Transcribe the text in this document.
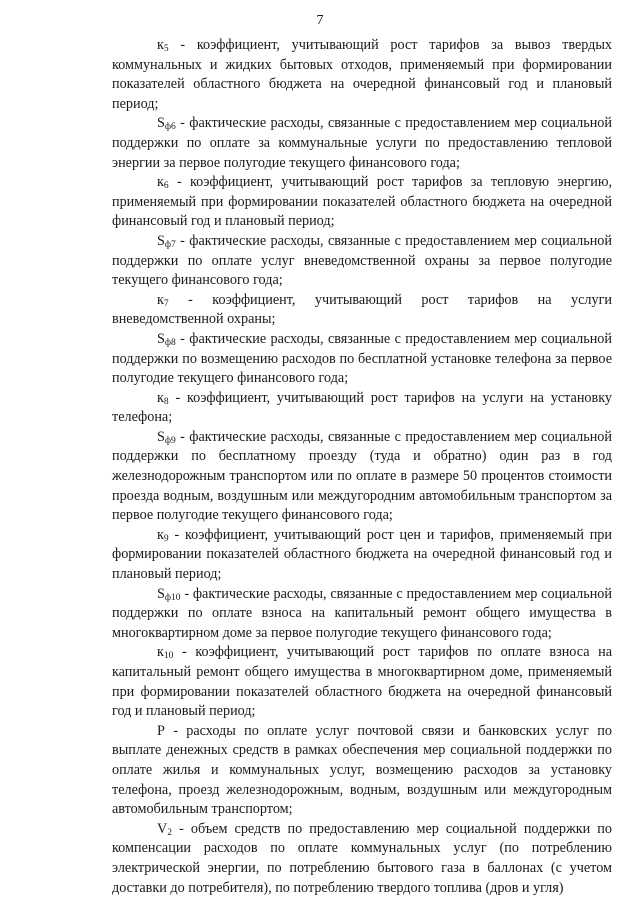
7

$к_5$ - коэффициент, учитывающий рост тарифов за вывоз твердых коммунальных и жидких бытовых отходов, применяемый при формировании показателей областного бюджета на очередной финансовый год и плановый период;

$S_{ф6}$ - фактические расходы, связанные с предоставлением мер социальной поддержки по оплате за коммунальные услуги по предоставлению тепловой энергии за первое полугодие текущего финансового года;

$к_6$ - коэффициент, учитывающий рост тарифов за тепловую энергию, применяемый при формировании показателей областного бюджета на очередной финансовый год и плановый период;

$S_{ф7}$ - фактические расходы, связанные с предоставлением мер социальной поддержки по оплате услуг вневедомственной охраны за первое полугодие текущего финансового года;

$к_7$ - коэффициент, учитывающий рост тарифов на услуги вневедомственной охраны;

$S_{ф8}$ - фактические расходы, связанные с предоставлением мер социальной поддержки по возмещению расходов по бесплатной установке телефона за первое полугодие текущего финансового года;

$к_8$ - коэффициент, учитывающий рост тарифов на услуги на установку телефона;

$S_{ф9}$ - фактические расходы, связанные с предоставлением мер социальной поддержки по бесплатному проезду (туда и обратно) один раз в год железнодорожным транспортом или по оплате в размере 50 процентов стоимости проезда водным, воздушным или междугородним автомобильным транспортом за первое полугодие текущего финансового года;

$к_9$ - коэффициент, учитывающий рост цен и тарифов, применяемый при формировании показателей областного бюджета на очередной финансовый год и плановый период;

$S_{ф10}$ - фактические расходы, связанные с предоставлением мер социальной поддержки по оплате взноса на капитальный ремонт общего имущества в многоквартирном доме за первое полугодие текущего финансового года;

$к_{10}$ - коэффициент, учитывающий рост тарифов по оплате взноса на капитальный ремонт общего имущества в многоквартирном доме, применяемый при формировании показателей областного бюджета на очередной финансовый год и плановый период;

P - расходы по оплате услуг почтовой связи и банковских услуг по выплате денежных средств в рамках обеспечения мер социальной поддержки по оплате жилья и коммунальных услуг, возмещению расходов за установку телефона, проезд железнодорожным, водным, воздушным или междугородным автомобильным транспортом;

$V_2$ - объем средств по предоставлению мер социальной поддержки по компенсации расходов по оплате коммунальных услуг (по потреблению электрической энергии, по потреблению бытового газа в баллонах (с учетом доставки до потребителя), по потреблению твердого топлива (дров и угля)
